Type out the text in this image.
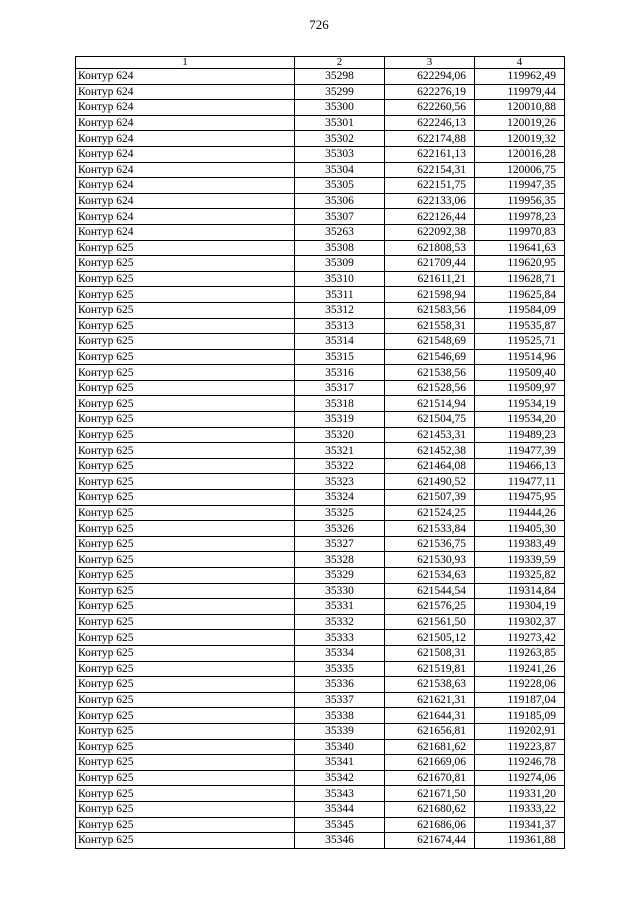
726
1	2	3	4
Контур 624	35298	622294,06	119962,49
Контур 624	35299	622276,19	119979,44
Контур 624	35300	622260,56	120010,88
Контур 624	35301	622246,13	120019,26
Контур 624	35302	622174,88	120019,32
Контур 624	35303	622161,13	120016,28
Контур 624	35304	622154,31	120006,75
Контур 624	35305	622151,75	119947,35
Контур 624	35306	622133,06	119956,35
Контур 624	35307	622126,44	119978,23
Контур 624	35263	622092,38	119970,83
Контур 625	35308	621808,53	119641,63
Контур 625	35309	621709,44	119620,95
Контур 625	35310	621611,21	119628,71
Контур 625	35311	621598,94	119625,84
Контур 625	35312	621583,56	119584,09
Контур 625	35313	621558,31	119535,87
Контур 625	35314	621548,69	119525,71
Контур 625	35315	621546,69	119514,96
Контур 625	35316	621538,56	119509,40
Контур 625	35317	621528,56	119509,97
Контур 625	35318	621514,94	119534,19
Контур 625	35319	621504,75	119534,20
Контур 625	35320	621453,31	119489,23
Контур 625	35321	621452,38	119477,39
Контур 625	35322	621464,08	119466,13
Контур 625	35323	621490,52	119477,11
Контур 625	35324	621507,39	119475,95
Контур 625	35325	621524,25	119444,26
Контур 625	35326	621533,84	119405,30
Контур 625	35327	621536,75	119383,49
Контур 625	35328	621530,93	119339,59
Контур 625	35329	621534,63	119325,82
Контур 625	35330	621544,54	119314,84
Контур 625	35331	621576,25	119304,19
Контур 625	35332	621561,50	119302,37
Контур 625	35333	621505,12	119273,42
Контур 625	35334	621508,31	119263,85
Контур 625	35335	621519,81	119241,26
Контур 625	35336	621538,63	119228,06
Контур 625	35337	621621,31	119187,04
Контур 625	35338	621644,31	119185,09
Контур 625	35339	621656,81	119202,91
Контур 625	35340	621681,62	119223,87
Контур 625	35341	621669,06	119246,78
Контур 625	35342	621670,81	119274,06
Контур 625	35343	621671,50	119331,20
Контур 625	35344	621680,62	119333,22
Контур 625	35345	621686,06	119341,37
Контур 625	35346	621674,44	119361,88
